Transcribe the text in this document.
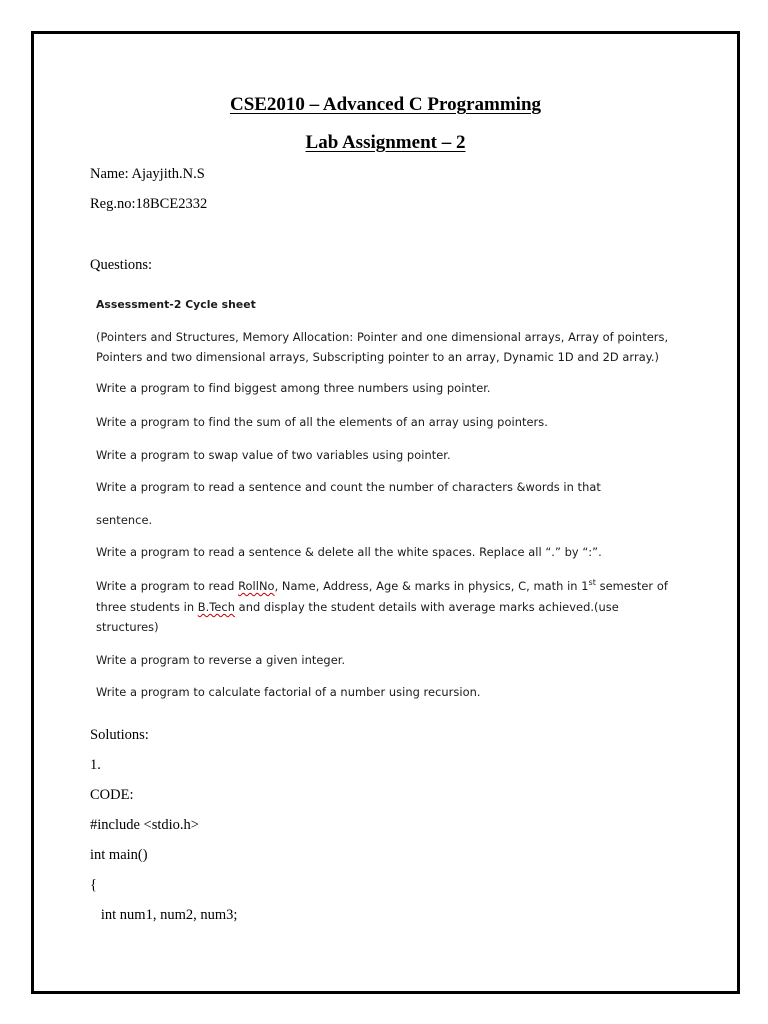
CSE2010 – Advanced C Programming
Lab Assignment – 2
Name: Ajayjith.N.S
Reg.no:18BCE2332
Questions:
Assessment-2 Cycle sheet
(Pointers and Structures, Memory Allocation: Pointer and one dimensional arrays, Array of pointers,
Pointers and two dimensional arrays, Subscripting pointer to an array, Dynamic 1D and 2D array.)
Write a program to find biggest among three numbers using pointer.
Write a program to find the sum of all the elements of an array using pointers.
Write a program to swap value of two variables using pointer.
Write a program to read a sentence and count the number of characters &words in that
sentence.
Write a program to read a sentence & delete all the white spaces. Replace all “.” by “:”.
Write a program to read RollNo, Name, Address, Age & marks in physics, C, math in 1st semester of
three students in B.Tech and display the student details with average marks achieved.(use
structures)
Write a program to reverse a given integer.
Write a program to calculate factorial of a number using recursion.
Solutions:
1.
CODE:
#include <stdio.h>
int main()
{
int num1, num2, num3;
